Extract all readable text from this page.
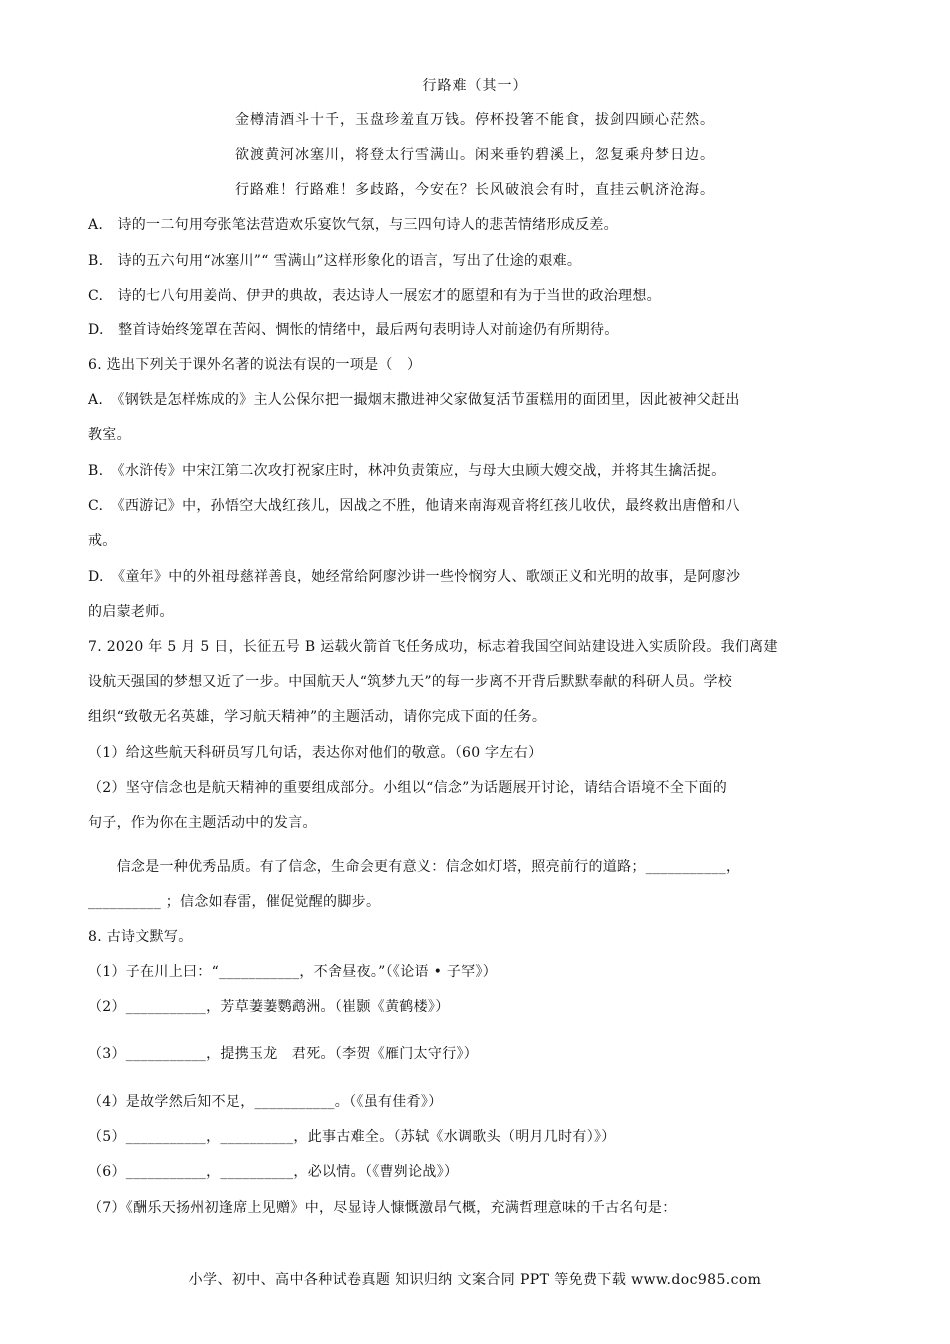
行路难（其一）
金樽清酒斗十千，玉盘珍羞直万钱。停杯投箸不能食，拔剑四顾心茫然。
欲渡黄河冰塞川，将登太行雪满山。闲来垂钓碧溪上，忽复乘舟梦日边。
行路难！行路难！多歧路，今安在？长风破浪会有时，直挂云帆济沧海。
A.　诗的一二句用夸张笔法营造欢乐宴饮气氛，与三四句诗人的悲苦情绪形成反差。
B.　诗的五六句用“冰塞川”“ 雪满山”这样形象化的语言，写出了仕途的艰难。
C.　诗的七八句用姜尚、伊尹的典故，表达诗人一展宏才的愿望和有为于当世的政治理想。
D.　整首诗始终笼罩在苦闷、惆怅的情绪中，最后两句表明诗人对前途仍有所期待。
6. 选出下列关于课外名著的说法有误的一项是（　）
A.　《钢铁是怎样炼成的》主人公保尔把一撮烟末撒进神父家做复活节蛋糕用的面团里，因此被神父赶出
教室。
B.　《水浒传》中宋江第二次攻打祝家庄时，林冲负责策应，与母大虫顾大嫂交战，并将其生擒活捉。
C.　《西游记》中，孙悟空大战红孩儿，因战之不胜，他请来南海观音将红孩儿收伏，最终救出唐僧和八
戒。
D.　《童年》中的外祖母慈祥善良，她经常给阿廖沙讲一些怜悯穷人、歌颂正义和光明的故事，是阿廖沙
的启蒙老师。
7. 2020 年 5 月 5 日，长征五号 B 运载火箭首飞任务成功，标志着我国空间站建设进入实质阶段。我们离建
设航天强国的梦想又近了一步。中国航天人“筑梦九天”的每一步离不开背后默默奉献的科研人员。学校
组织“致敬无名英雄，学习航天精神”的主题活动，请你完成下面的任务。
（1）给这些航天科研员写几句话，表达你对他们的敬意。（60 字左右）
（2）坚守信念也是航天精神的重要组成部分。小组以“信念”为话题展开讨论，请结合语境不全下面的
句子，作为你在主题活动中的发言。
　　信念是一种优秀品质。有了信念，生命会更有意义：信念如灯塔，照亮前行的道路；___________，
__________ ；信念如春雷，催促觉醒的脚步。
8. 古诗文默写。
（1）子在川上曰：“___________，不舍昼夜。”（《论语 • 子罕》）
（2）___________，芳草萋萋鹦鹉洲。（崔颢《黄鹤楼》）
（3）___________，提携玉龙　君死。（李贺《雁门太守行》）
（4）是故学然后知不足，___________。（《虽有佳肴》）
（5）___________，__________，此事古难全。（苏轼《水调歌头（明月几时有）》）
（6）___________，__________，必以情。（《曹刿论战》）
（7）《酬乐天扬州初逢席上见赠》中，尽显诗人慷慨激昂气概，充满哲理意味的千古名句是：
小学、初中、高中各种试卷真题 知识归纳 文案合同 PPT 等免费下载 www.doc985.com
